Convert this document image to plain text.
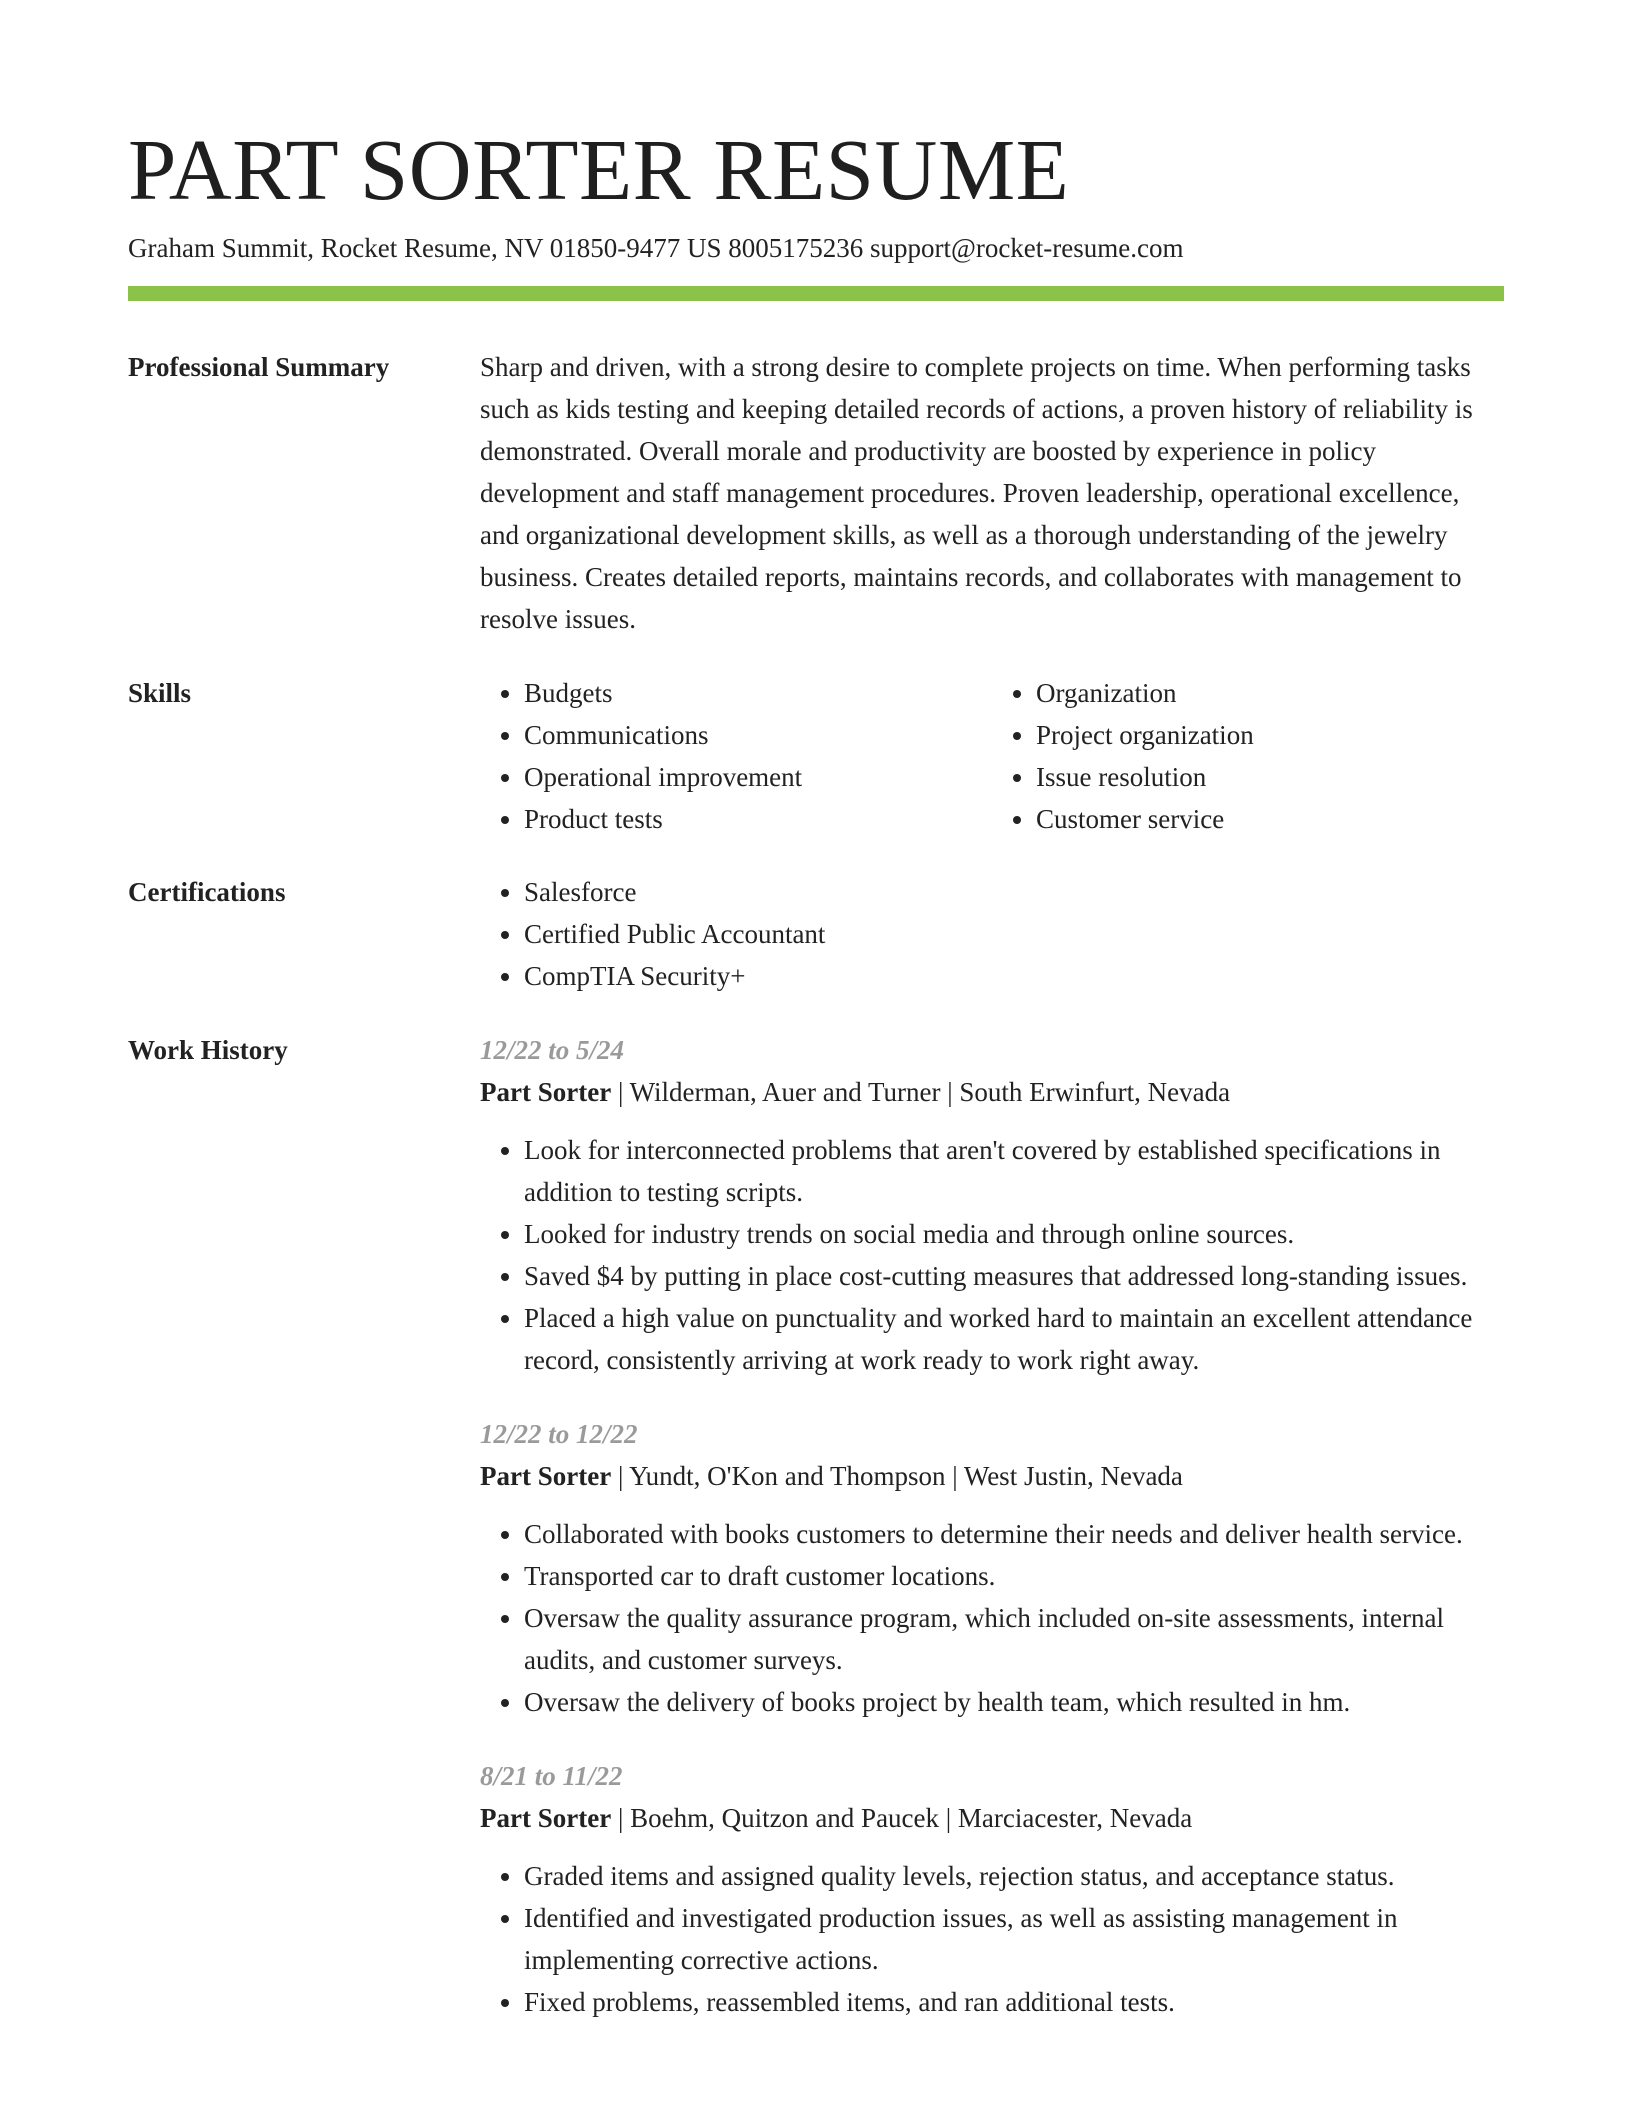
PART SORTER RESUME
Graham Summit, Rocket Resume, NV 01850-9477 US 8005175236 support@rocket-resume.com
Professional Summary	Sharp and driven, with a strong desire to complete projects on time. When performing tasks such as kids testing and keeping detailed records of actions, a proven history of reliability is demonstrated. Overall morale and productivity are boosted by experience in policy development and staff management procedures. Proven leadership, operational excellence, and organizational development skills, as well as a thorough understanding of the jewelry business. Creates detailed reports, maintains records, and collaborates with management to resolve issues.

Skills	• Budgets
• Communications
• Operational improvement
• Product tests
• Organization
• Project organization
• Issue resolution
• Customer service
Certifications	• Salesforce
• Certified Public Accountant
• CompTIA Security+
Work History	12/22 to 5/24
Part Sorter | Wilderman, Auer and Turner | South Erwinfurt, Nevada
• Look for interconnected problems that aren't covered by established specifications in addition to testing scripts.
• Looked for industry trends on social media and through online sources.
• Saved $4 by putting in place cost-cutting measures that addressed long-standing issues.
• Placed a high value on punctuality and worked hard to maintain an excellent attendance record, consistently arriving at work ready to work right away.
12/22 to 12/22
Part Sorter | Yundt, O'Kon and Thompson | West Justin, Nevada
• Collaborated with books customers to determine their needs and deliver health service.
• Transported car to draft customer locations.
• Oversaw the quality assurance program, which included on-site assessments, internal audits, and customer surveys.
• Oversaw the delivery of books project by health team, which resulted in hm.
8/21 to 11/22
Part Sorter | Boehm, Quitzon and Paucek | Marciacester, Nevada
• Graded items and assigned quality levels, rejection status, and acceptance status.
• Identified and investigated production issues, as well as assisting management in implementing corrective actions.
• Fixed problems, reassembled items, and ran additional tests.
